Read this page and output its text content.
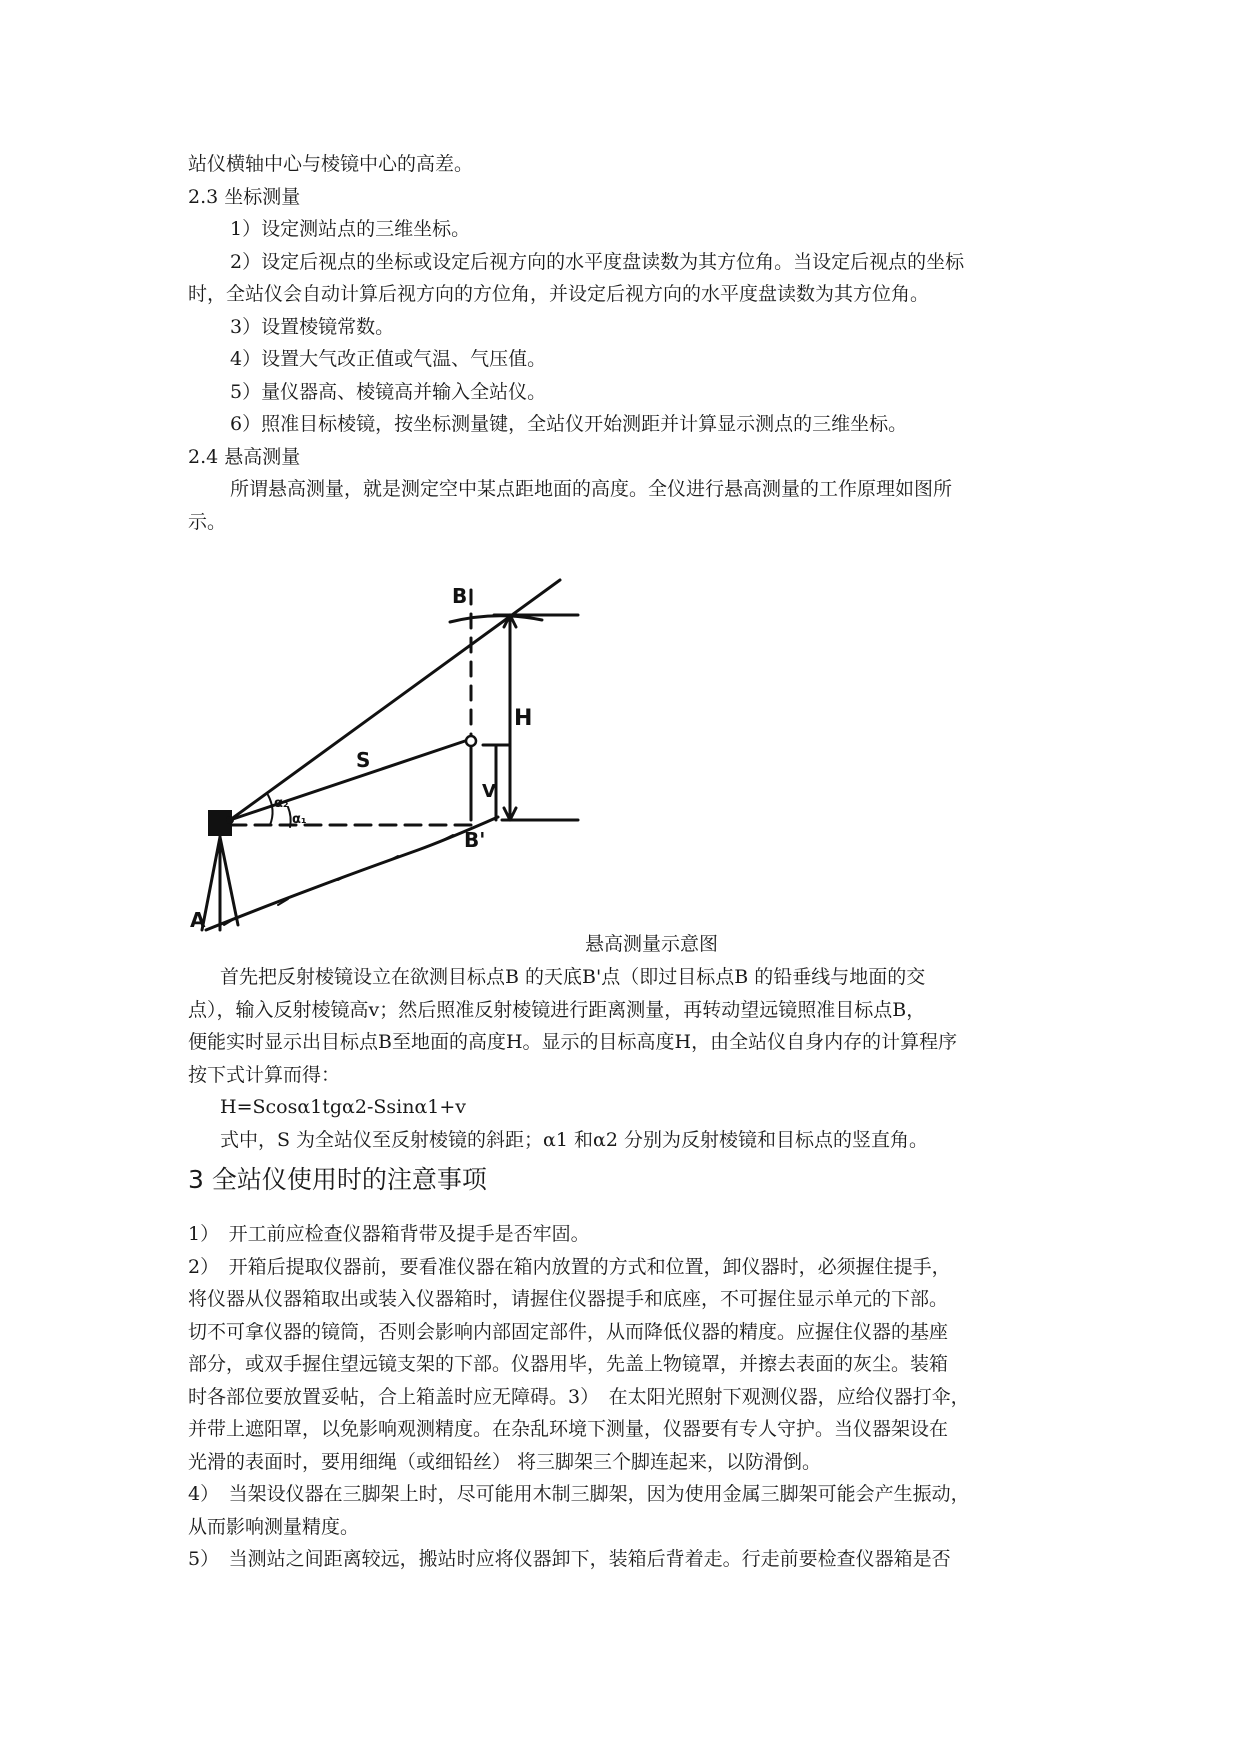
站仪横轴中心与棱镜中心的高差。
2.3 坐标测量
1）设定测站点的三维坐标。
2）设定后视点的坐标或设定后视方向的水平度盘读数为其方位角。当设定后视点的坐标
时，全站仪会自动计算后视方向的方位角，并设定后视方向的水平度盘读数为其方位角。
3）设置棱镜常数。
4）设置大气改正值或气温、气压值。
5）量仪器高、棱镜高并输入全站仪。
6）照准目标棱镜，按坐标测量键，全站仪开始测距并计算显示测点的三维坐标。
2.4 悬高测量
所谓悬高测量，就是测定空中某点距地面的高度。全仪进行悬高测量的工作原理如图所
示。
B
H
S
V
α₂
α₁
B'
A
悬高测量示意图
首先把反射棱镜设立在欲测目标点B 的天底B'点（即过目标点B 的铅垂线与地面的交
点），输入反射棱镜高v；然后照准反射棱镜进行距离测量，再转动望远镜照准目标点B，
便能实时显示出目标点B至地面的高度H。显示的目标高度H，由全站仪自身内存的计算程序
按下式计算而得：
H=Scosα1tgα2-Ssinα1+v
式中，S 为全站仪至反射棱镜的斜距；α1 和α2 分别为反射棱镜和目标点的竖直角。
3 全站仪使用时的注意事项
1）　开工前应检查仪器箱背带及提手是否牢固。
2）　开箱后提取仪器前，要看准仪器在箱内放置的方式和位置，卸仪器时，必须握住提手，
将仪器从仪器箱取出或装入仪器箱时，请握住仪器提手和底座，不可握住显示单元的下部。
切不可拿仪器的镜筒，否则会影响内部固定部件，从而降低仪器的精度。应握住仪器的基座
部分，或双手握住望远镜支架的下部。仪器用毕，先盖上物镜罩，并擦去表面的灰尘。装箱
时各部位要放置妥帖，合上箱盖时应无障碍。3）　在太阳光照射下观测仪器，应给仪器打伞，
并带上遮阳罩，以免影响观测精度。在杂乱环境下测量，仪器要有专人守护。当仪器架设在
光滑的表面时，要用细绳（或细铅丝） 将三脚架三个脚连起来，以防滑倒。
4）　当架设仪器在三脚架上时，尽可能用木制三脚架，因为使用金属三脚架可能会产生振动，
从而影响测量精度。
5）　当测站之间距离较远，搬站时应将仪器卸下，装箱后背着走。行走前要检查仪器箱是否
